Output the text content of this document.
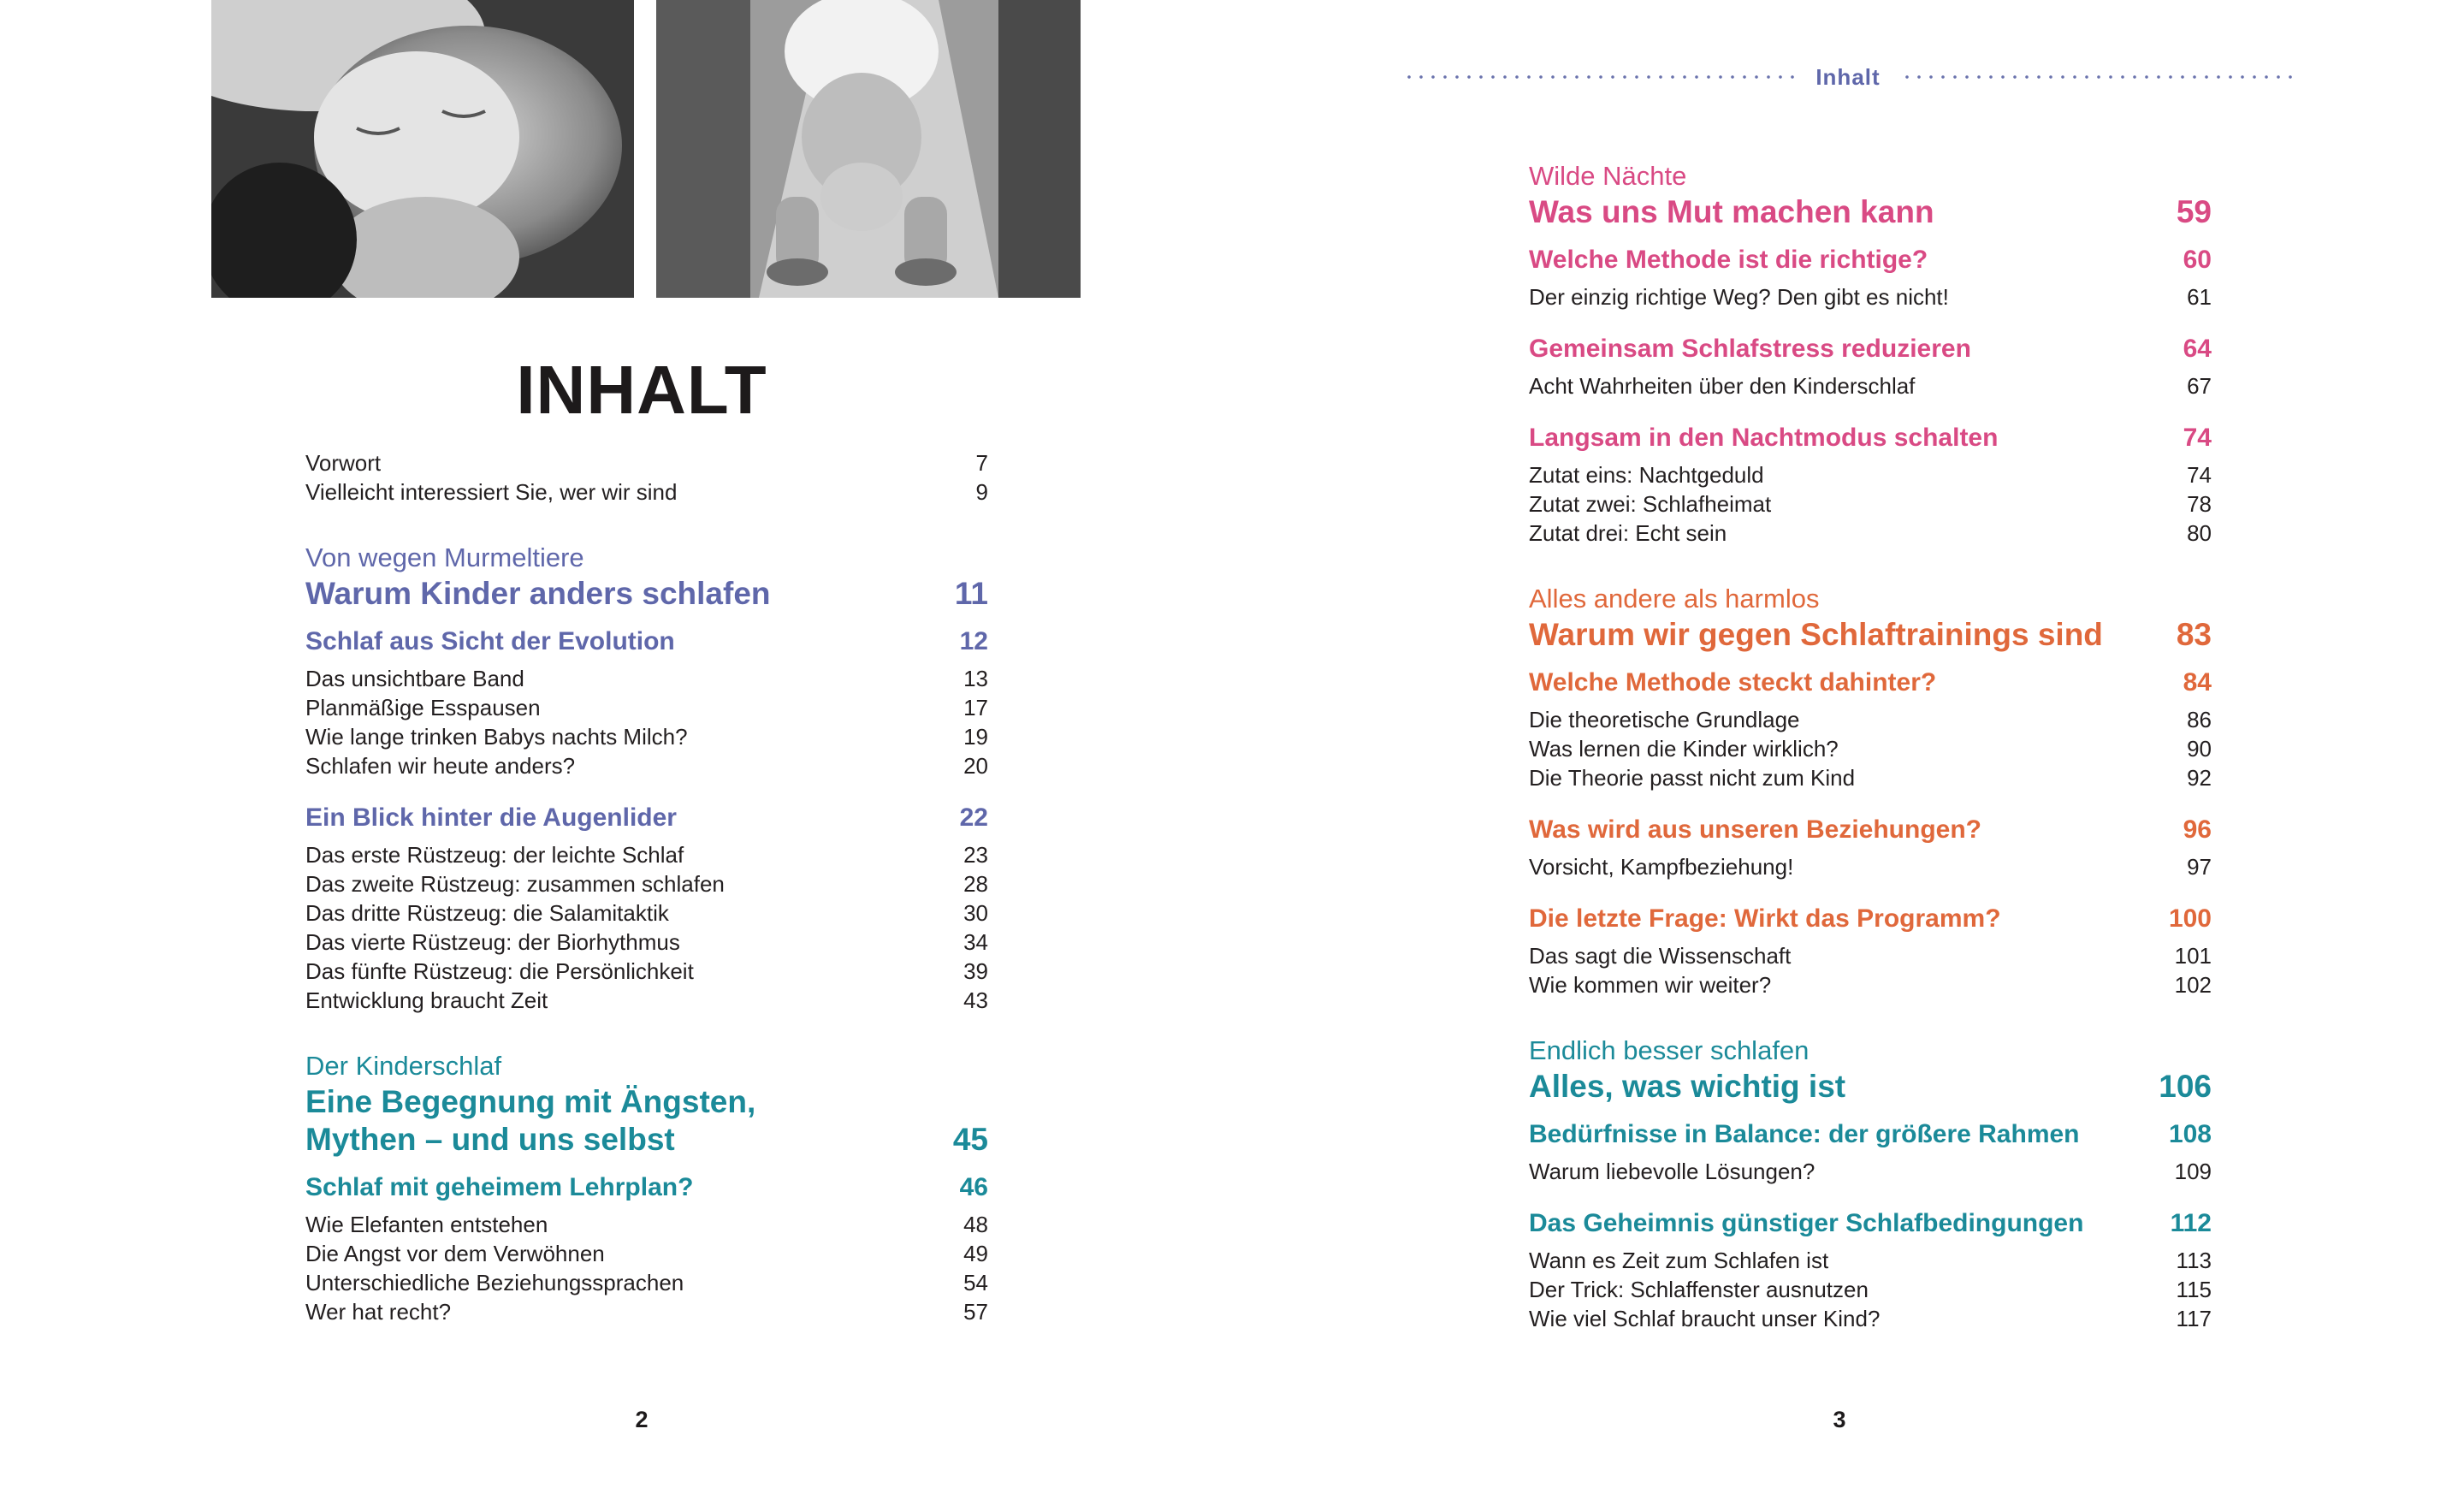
INHALT
Vorwort	7
Vielleicht interessiert Sie, wer wir sind	9
Von wegen Murmeltiere
Warum Kinder anders schlafen	11
Schlaf aus Sicht der Evolution	12
Das unsichtbare Band	13
Planmäßige Esspausen	17
Wie lange trinken Babys nachts Milch?	19
Schlafen wir heute anders?	20
Ein Blick hinter die Augenlider	22
Das erste Rüstzeug: der leichte Schlaf	23
Das zweite Rüstzeug: zusammen schlafen	28
Das dritte Rüstzeug: die Salamitaktik	30
Das vierte Rüstzeug: der Biorhythmus	34
Das fünfte Rüstzeug: die Persönlichkeit	39
Entwicklung braucht Zeit	43
Der Kinderschlaf
Eine Begegnung mit Ängsten,
Mythen – und uns selbst	45
Schlaf mit geheimem Lehrplan?	46
Wie Elefanten entstehen	48
Die Angst vor dem Verwöhnen	49
Unterschiedliche Beziehungssprachen	54
Wer hat recht?	57
2
Inhalt
Wilde Nächte
Was uns Mut machen kann	59
Welche Methode ist die richtige?	60
Der einzig richtige Weg? Den gibt es nicht!	61
Gemeinsam Schlafstress reduzieren	64
Acht Wahrheiten über den Kinderschlaf	67
Langsam in den Nachtmodus schalten	74
Zutat eins: Nachtgeduld	74
Zutat zwei: Schlafheimat	78
Zutat drei: Echt sein	80
Alles andere als harmlos
Warum wir gegen Schlaftrainings sind	83
Welche Methode steckt dahinter?	84
Die theoretische Grundlage	86
Was lernen die Kinder wirklich?	90
Die Theorie passt nicht zum Kind	92
Was wird aus unseren Beziehungen?	96
Vorsicht, Kampfbeziehung!	97
Die letzte Frage: Wirkt das Programm?	100
Das sagt die Wissenschaft	101
Wie kommen wir weiter?	102
Endlich besser schlafen
Alles, was wichtig ist	106
Bedürfnisse in Balance: der größere Rahmen	108
Warum liebevolle Lösungen?	109
Das Geheimnis günstiger Schlafbedingungen	112
Wann es Zeit zum Schlafen ist	113
Der Trick: Schlaffenster ausnutzen	115
Wie viel Schlaf braucht unser Kind?	117
3
